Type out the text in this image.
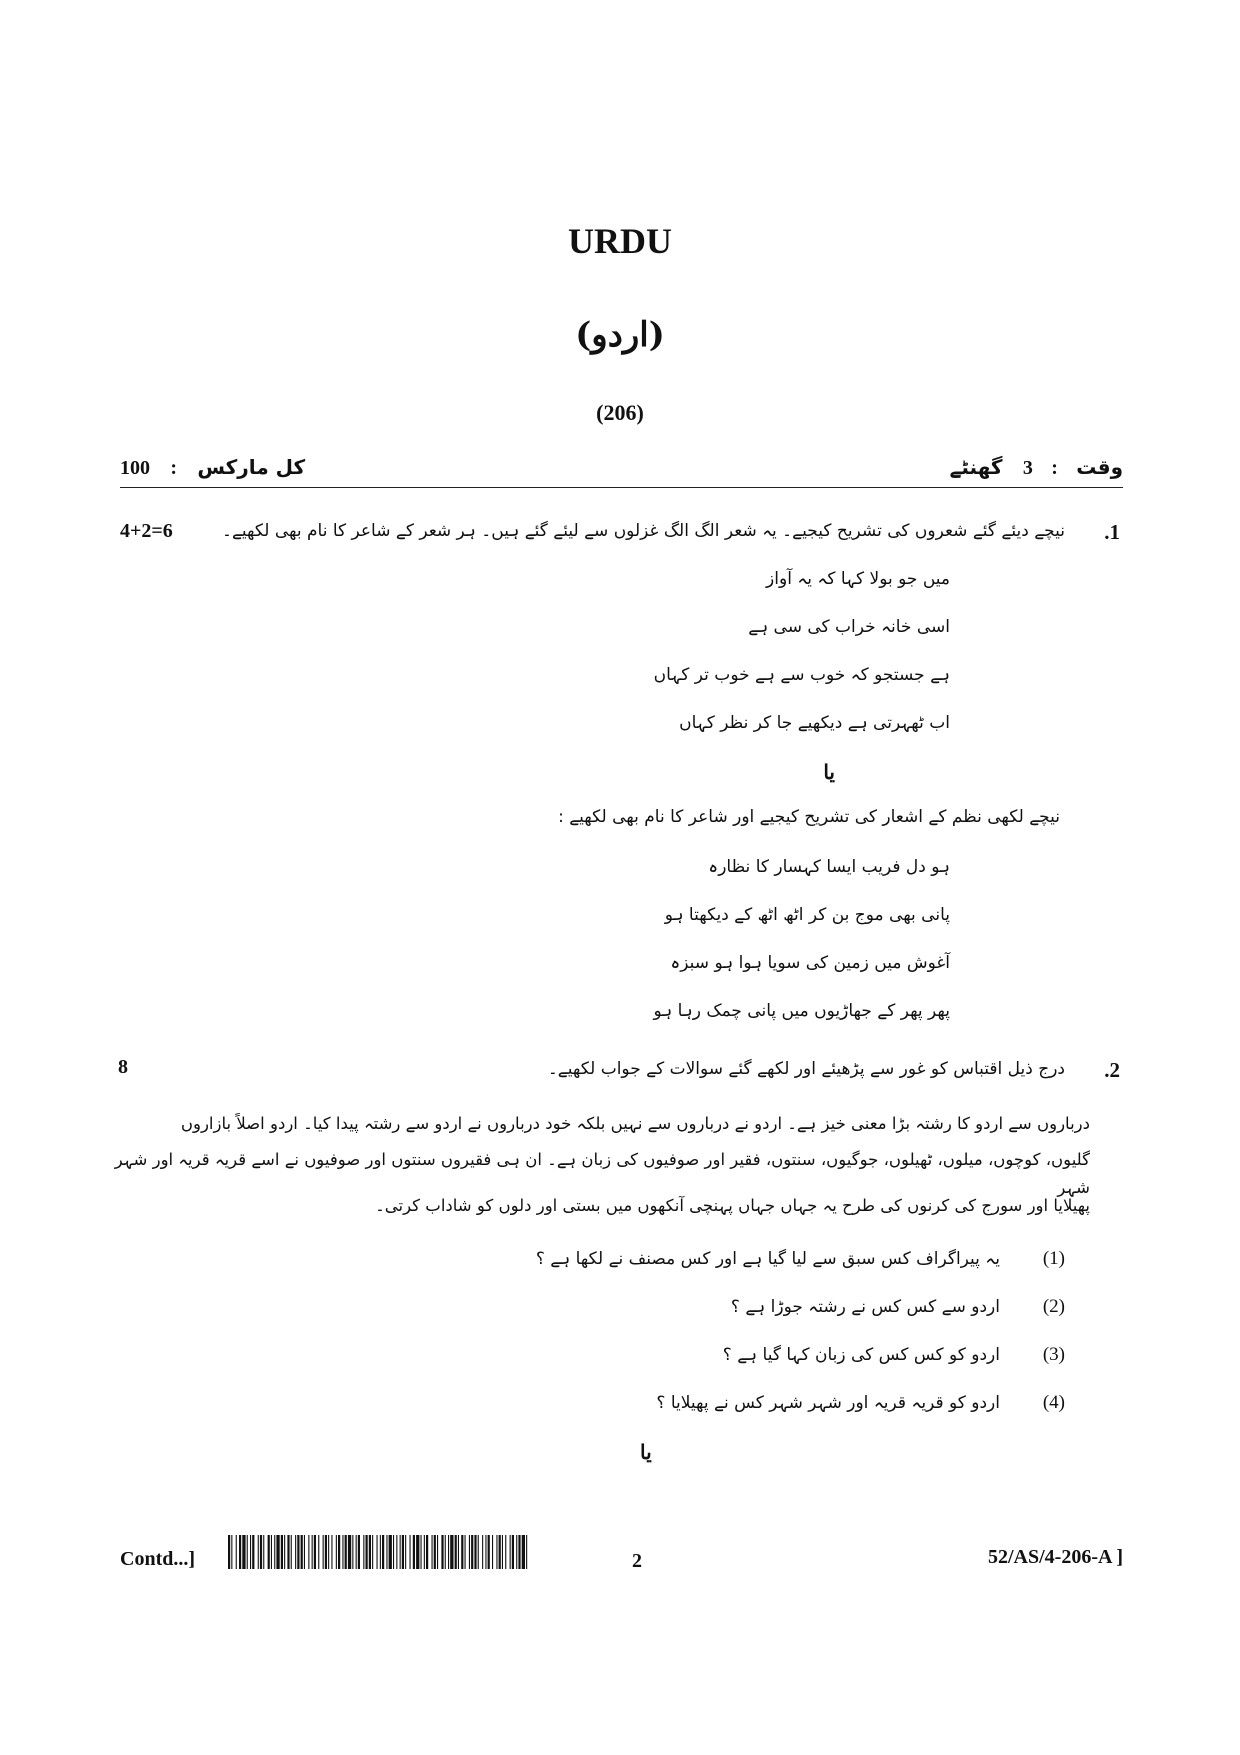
URDU
(اردو)
(206)
100 : کل مارکس	وقت : 3 گھنٹے
.1
نیچے دیئے گئے شعروں کی تشریح کیجیے۔ یہ شعر الگ الگ غزلوں سے لیئے گئے ہیں۔ ہر شعر کے شاعر کا نام بھی لکھیے۔
4+2=6
میں جو بولا کہا کہ یہ آواز
اسی خانہ خراب کی سی ہے
ہے جستجو کہ خوب سے ہے خوب تر کہاں
اب ٹھہرتی ہے دیکھیے جا کر نظر کہاں
یا
نیچے لکھی نظم کے اشعار کی تشریح کیجیے اور شاعر کا نام بھی لکھیے :
ہو دل فریب ایسا کہسار کا نظارہ
پانی بھی موج بن کر اٹھ اٹھ کے دیکھتا ہو
آغوش میں زمین کی سویا ہوا ہو سبزہ
پھر پھر کے جھاڑیوں میں پانی چمک رہا ہو
.2
درج ذیل اقتباس کو غور سے پڑھیئے اور لکھے گئے سوالات کے جواب لکھیے۔
8
درباروں سے اردو کا رشتہ بڑا معنی خیز ہے۔ اردو نے درباروں سے نہیں بلکہ خود درباروں نے اردو سے رشتہ پیدا کیا۔ اردو اصلاً بازاروں
گلیوں، کوچوں، میلوں، ٹھیلوں، جوگیوں، سنتوں، فقیر اور صوفیوں کی زبان ہے۔ ان ہی فقیروں سنتوں اور صوفیوں نے اسے قریہ قریہ اور شہر شہر
پھیلایا اور سورج کی کرنوں کی طرح یہ جہاں جہاں پہنچی آنکھوں میں بستی اور دلوں کو شاداب کرتی۔
(1)
یہ پیراگراف کس سبق سے لیا گیا ہے اور کس مصنف نے لکھا ہے ؟
(2)
اردو سے کس کس نے رشتہ جوڑا ہے ؟
(3)
اردو کو کس کس کی زبان کہا گیا ہے ؟
(4)
اردو کو قریہ قریہ اور شہر شہر کس نے پھیلایا ؟
یا
Contd...]	2	52/AS/4-206-A ]
